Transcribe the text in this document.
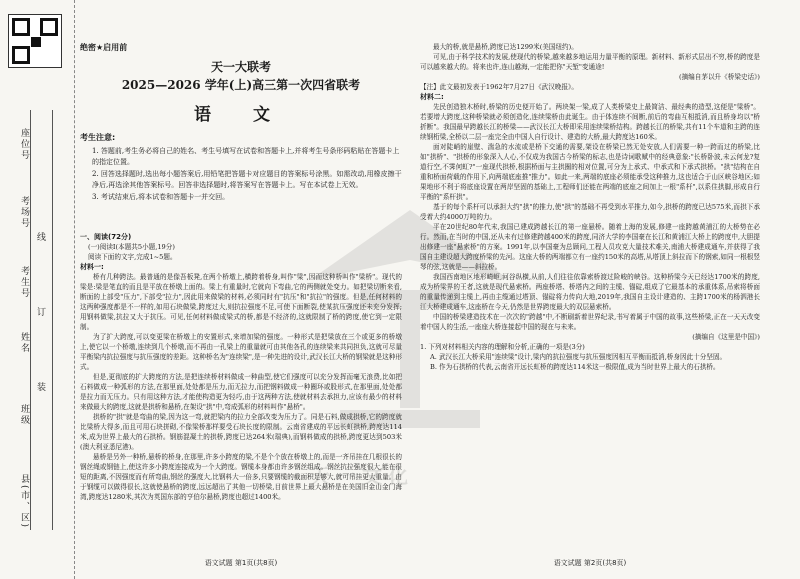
座位号
考场号
考生号
姓名
班级
县(市、区)
线
订
装
天一文化
绝密★启用前
天一大联考
2025—2026 学年(上)高三第一次四省联考
语 文
考生注意:

1. 答题前,考生务必将自己的姓名、考生号填写在试卷和答题卡上,并将考生号条形码粘贴在答题卡上的指定位置。

2. 回答选择题时,选出每小题答案后,用铅笔把答题卡对应题目的答案标号涂黑。如需改动,用橡皮擦干净后,再选涂其他答案标号。回答非选择题时,将答案写在答题卡上。写在本试卷上无效。

3. 考试结束后,将本试卷和答题卡一并交回。

一、阅读(72分)

(一)阅读Ⅰ(本题共5小题,19分)

阅读下面的文字,完成1~5题。

材料一:

桥有几种跨法。最普通的是像吾板凳,在两个桥墩上,横跨着桥身,叫作"梁",因而这种桥叫作"梁桥"。现代的梁是:梁是笔直的而且是平放在桥墩上面的。梁上有重量时,它就向下弯曲,它的两侧就处变力。如把梁切断来看,断面的上部受"压力",下部受"拉力",因此用来做梁的材料,必须同时有"抗压"和"抗拉"的强度。但是,任何材料的这两种强度都是不一样的,如用石块做梁,跨度过大,则抗拉强度不足,可使下面断裂,使某抗压强度还未充分发挥;用钢料做梁,抗拉又大于抗压。可见,任何材料做成梁式的桥,都是不经济的,这就限制了桥的跨度,使它到一定限制。

为了扩大跨度,可以变更梁在桥墩上的安置形式,来增加梁的强度。一种形式是把梁放在三个或更多的桥墩上,使它以一个桥墩,连续到几个桥墩,而不再由一孔梁上的重量就可由其他各孔的连续梁来共同担负,这就可尽量平衡梁内抗拉强度与抗压强度的差距。这种桥名为"连续梁",是一种先进的设计,武汉长江大桥的钢梁就是这种形式。

但是,更彻底的扩大跨度的方法,是把连续桥材料做成一种曲型,使它们强度可以充分发挥而毫无浪费,比如把石料做成一种弧形的方法,在那里面,处处都是压力,而无拉力,而把钢料做成一种圈环或股形式,在那里面,处处都是拉力而无压力。只有用这种方法,才能使构造更为轻巧,由于这两种方法,使就材料去承担力,应该有最少的材料来做最大的跨度,这就是拱桥和悬桥,在架设"拱"中,弯成弧形的材料叫作"悬桥"。

拱桥的"拱"就是弯曲的梁,因为这一弯,就把梁内的拉力全部改变为压力了。同是石料,做成拱桥,它的跨度就比梁桥大得多,而且可用石块拼砌,不像梁桥那样要受石块长度的限制。云南省建成的平远长虹拱桥,跨度达114米,成为世界上最大的石拱桥。钢筋混凝土的拱桥,跨度已达264米(瑞典),而钢料做成的拱桥,跨度更达到503米(澳大利亚悉尼港)。

悬桥是另外一种桥,悬桥的桥身,在那里,许多小跨度的梁,不是个个放在桥墩上的,而是一齐吊挂在几根很长的钢丝绳或钢链上,使这许多小跨度连接成为一个大跨度。钢缆本身都由许多钢丝组成。钢丝抗拉强度很大,能在很短的距离,不因强度而有所弯曲,钢丝的强度大,比钢料大一倍多,只要钢缆的截面积足够大,就可吊挂更大重量。由于钢缆可以做得很长,这就使悬桥的跨度,远远超出了其他一切桥梁,目前世界上最大悬桥是在美国旧金山金门海湾,跨度达1280米,其次为英国东部的亨伯尔悬桥,跨度也超过1400米。

最大的桥,就是悬桥,跨度已达1299米(美国纽约)。

可见,由于科学技术的发展,使现代的桥梁,越来越多地运用力量平衡的原理。新材料、新形式层出不穷,桥的跨度是可以越来越大的。将来也许,连山越海,一定能把你"天堑"变通途!

(摘编自茅以升《桥梁史话》)

【注】此文最初发表于1962年7月27日《武汉晚报》。

材料二:

先民创造独木桥时,桥梁的历史便开始了。两块架一梁,成了人类桥梁史上最简洁、最经典的造型,这便是"梁桥"。若要增大跨度,这种桥梁就必须创造化,连续梁桥由此诞生。由于体连续不间断,前后的弯曲互相抵消,而且桥身均以"桥折断"。我国最早跨越长江的桥梁——武汉长江大桥即采用连续梁桥结构。跨越长江的桥梁,共有11个车道和主跨的连续钢桁梁,全桥以二层一座完全由中国人自行设计、建造的大桥,最大跨度达160米。

面对陡峭的崖壁、湍急的水流或是桥下交通的需要,架设在桥梁已然无处安放,人们需要一种一跨而过的桥梁,比如"拱桥"、"拱桥的形象深入人心,不仅成为我国古今桥梁的标志,也是诗词歌赋中的经典意象:"长桥卧波,未云何龙?复道行空,不霁何虹?"一座现代拱桥,根据桥面与主拱圈的相对位置,可分为上承式、中承式和下承式拱桥。"拱"结构在自重和桥面荷载的作用下,向两端底座推"推力"。如此一来,两端的底座必须能承受这种推力,这也适合于山区峡谷地区;如果地形不利于将底座设置在两岸坚固的基础上,工程师们还能在两端的底座之间加上一根"系杆",以系住拱脚,形成自行平衡的"系杆拱"。

基于的每个系杆可以承担大约"拱"的推力,使"拱"的基础不再受到水平推力,如今,拱桥的跨度已达575米,而拱下承受着大约4000万吨的力。

平在20世纪80年代末,我国已建成跨越长江的第一座悬桥。随着上海的发展,修建一座跨越黄浦江的大桥势在必行。然而,在当时的中国,还从未有过修建跨越400米的跨度,同济大学的李国豪在长江和黄浦江大桥上的跨度中,大胆提出修建一座"悬索桥"的方案。1991年,以李国豪为总顾问,工程人员攻克大量技术难关,南浦大桥建成通车,并获得了我国自主建设超大跨度桥梁的先河。这座大桥的两端都立有一座约150米的高塔,从塔顶上斜拉而下的钢索,如同一根根竖琴的弦,这就是——斜拉桥。

我国西南地区地形崎岖,河谷纵横,从前,人们往往依靠索桥渡过险峻的峡谷。这种桥梁今天已经达1700米的跨度,成为桥梁界的王者,这就是现代悬索桥。两座桥塔、桥塔内之间的主缆、锚碇,组成了它最基本的承重体系,吊索将桥面的重量传递到主缆上,再由主缆通过塔顶、锚碇将力传向大地,2019年,我国自主设计建造的、主跨1700米的杨泗港长江大桥建成通车,这座桥在今天,仍然是世界跨度最大的双层悬索桥。

中国的桥梁建造技术在一次次的"跨越"中,不断刷新着世界纪录,书写着属于中国的故事,这些桥梁,正在一天天改变着中国人的生活,一座座大桥连接起中国的现在与未来。

(摘编自《这里是中国》)

1. 下列对材料相关内容的理解和分析,正确的一项是(3分)

A. 武汉长江大桥采用"连续梁"设计,梁内的抗拉强度与抗压强度因相互平衡而抵消,桥身因此十分坚固。

B. 作为石拱桥的代表,云南省开远长虹桥的跨度达114米这一极限值,成为当时世界上最大的石拱桥。

语文试题 第1页(共8页)	语文试题 第2页(共8页)
